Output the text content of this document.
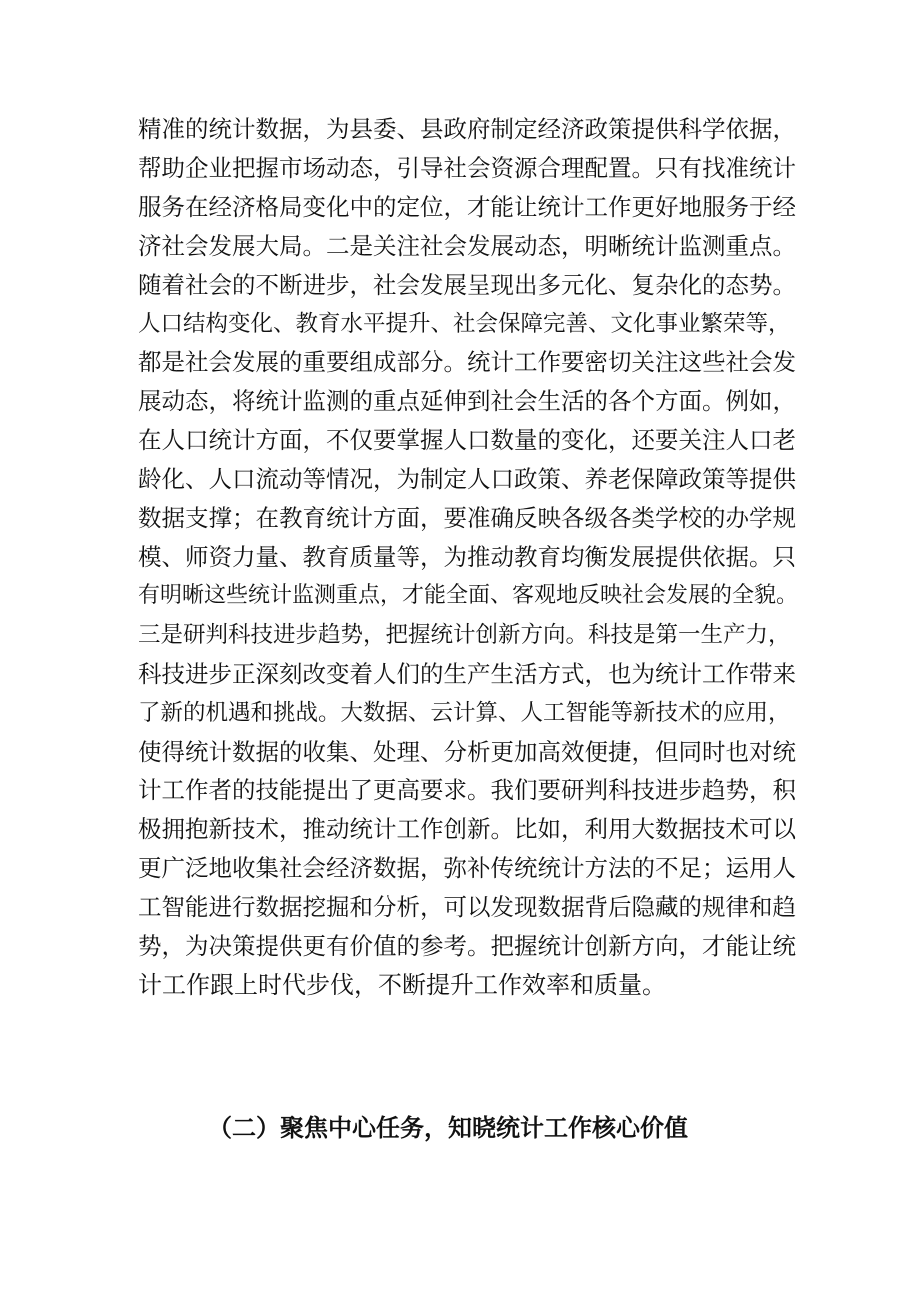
精准的统计数据，为县委、县政府制定经济政策提供科学依据，
帮助企业把握市场动态，引导社会资源合理配置。只有找准统计
服务在经济格局变化中的定位，才能让统计工作更好地服务于经
济社会发展大局。二是关注社会发展动态，明晰统计监测重点。
随着社会的不断进步，社会发展呈现出多元化、复杂化的态势。
人口结构变化、教育水平提升、社会保障完善、文化事业繁荣等，
都是社会发展的重要组成部分。统计工作要密切关注这些社会发
展动态，将统计监测的重点延伸到社会生活的各个方面。例如，
在人口统计方面，不仅要掌握人口数量的变化，还要关注人口老
龄化、人口流动等情况，为制定人口政策、养老保障政策等提供
数据支撑；在教育统计方面，要准确反映各级各类学校的办学规
模、师资力量、教育质量等，为推动教育均衡发展提供依据。只
有明晰这些统计监测重点，才能全面、客观地反映社会发展的全貌。
三是研判科技进步趋势，把握统计创新方向。科技是第一生产力，
科技进步正深刻改变着人们的生产生活方式，也为统计工作带来
了新的机遇和挑战。大数据、云计算、人工智能等新技术的应用，
使得统计数据的收集、处理、分析更加高效便捷，但同时也对统
计工作者的技能提出了更高要求。我们要研判科技进步趋势，积
极拥抱新技术，推动统计工作创新。比如，利用大数据技术可以
更广泛地收集社会经济数据，弥补传统统计方法的不足；运用人
工智能进行数据挖掘和分析，可以发现数据背后隐藏的规律和趋
势，为决策提供更有价值的参考。把握统计创新方向，才能让统
计工作跟上时代步伐，不断提升工作效率和质量。
（二）聚焦中心任务，知晓统计工作核心价值
